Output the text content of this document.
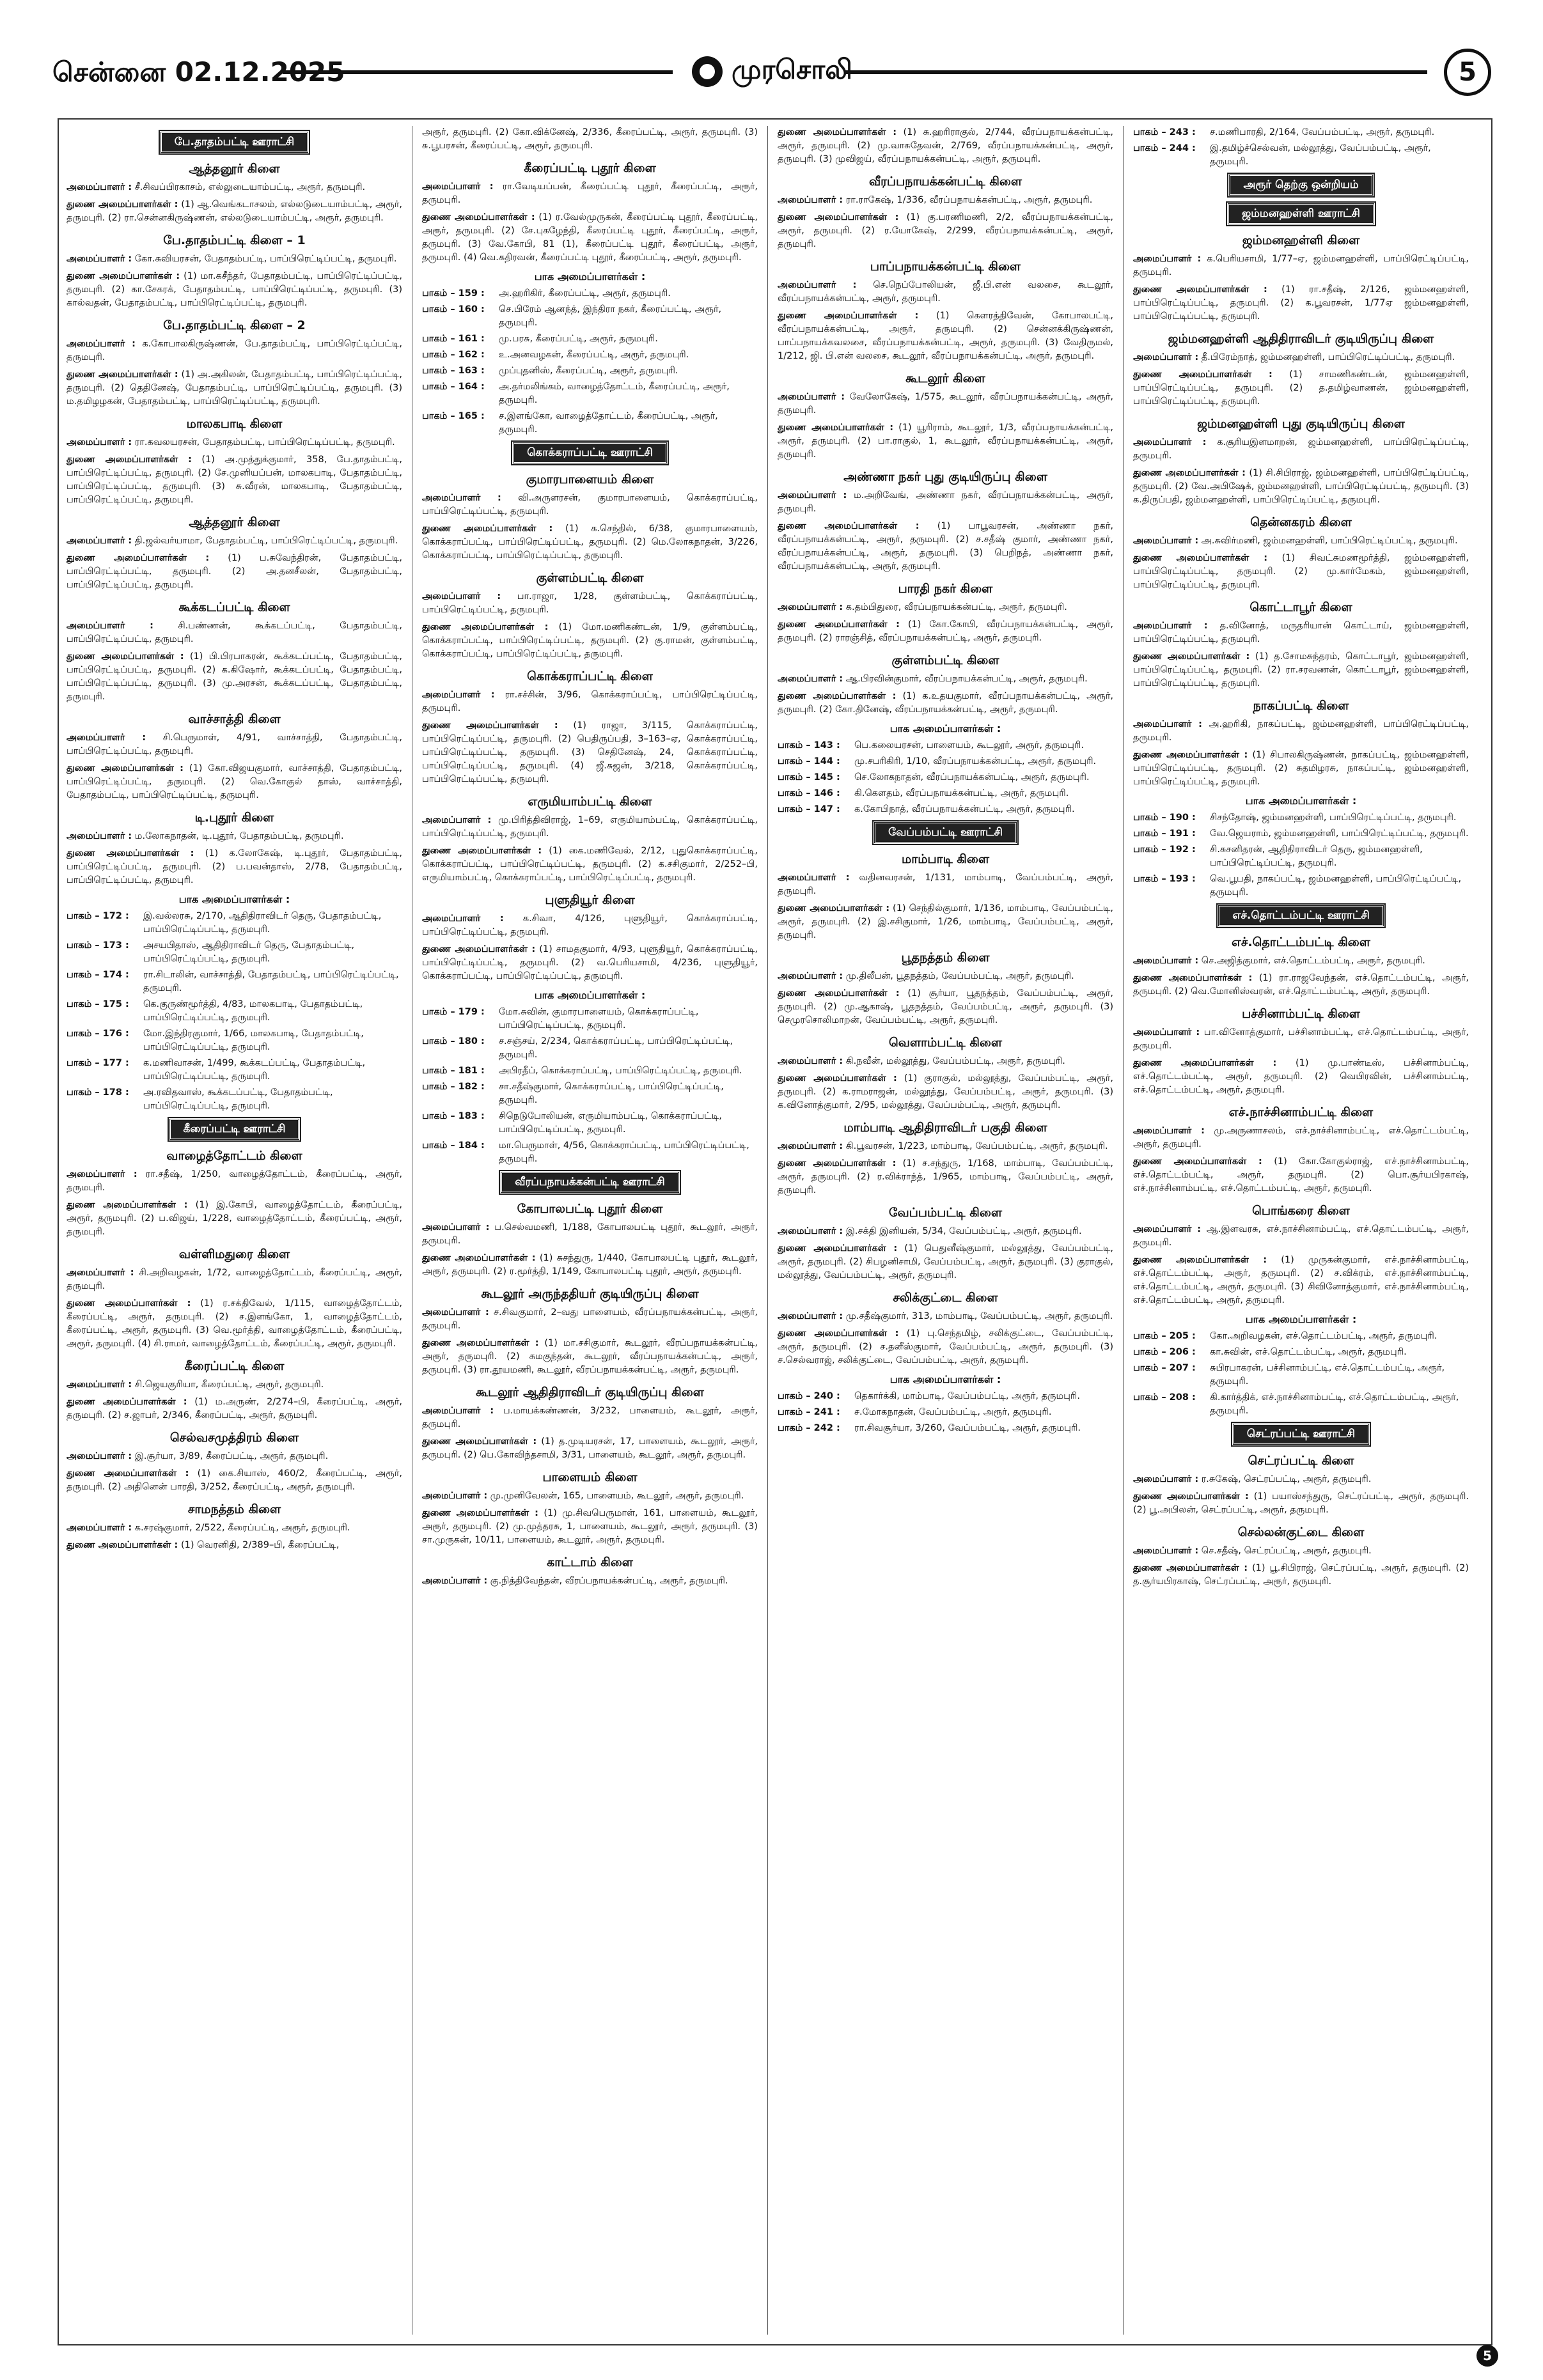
சென்னை 02.12.2025	முரசொலி	5
பே.தாதம்பட்டி ஊராட்சி
ஆத்தனூர் கிளை

அமைப்பாளர் : சீ.சிவப்பிரகாசம், எல்லுடையாம்பட்டி, அரூர், தருமபுரி.

துணை அமைப்பாளர்கள் : (1) ஆ.வெங்கடாசலம், எல்லடுடையாம்பட்டி, அரூர், தருமபுரி. (2) ரா.சென்னகிருஷ்ணன், எல்லடுடையாம்பட்டி, அரூர், தருமபுரி.

பே.தாதம்பட்டி கிளை – 1

அமைப்பாளர் : கோ.சுவியரசன், பேதாதம்பட்டி, பாப்பிரெட்டிப்பட்டி, தருமபுரி.

துணை அமைப்பாளர்கள் : (1) மா.கசீந்தர், பேதாதம்பட்டி, பாப்பிரெட்டிப்பட்டி, தருமபுரி. (2) கா.சேகரக், பேதாதம்பட்டி, பாப்பிரெட்டிப்பட்டி, தருமபுரி. (3) கால்வதன், பேதாதம்பட்டி, பாப்பிரெட்டிப்பட்டி, தருமபுரி.

பே.தாதம்பட்டி கிளை – 2

அமைப்பாளர் : க.கோபாலகிருஷ்ணன், பே.தாதம்பட்டி, பாப்பிரெட்டிப்பட்டி, தருமபுரி.

துணை அமைப்பாளர்கள் : (1) அ.அகிலன், பேதாதம்பட்டி, பாப்பிரெட்டிப்பட்டி, தருமபுரி. (2) தெதினேஷ், பேதாதம்பட்டி, பாப்பிரெட்டிப்பட்டி, தருமபுரி. (3) ம.தமிழழகன், பேதாதம்பட்டி, பாப்பிரெட்டிப்பட்டி, தருமபுரி.

மாலகபாடி கிளை

அமைப்பாளர் : ரா.கவலயரசன், பேதாதம்பட்டி, பாப்பிரெட்டிப்பட்டி, தருமபுரி.

துணை அமைப்பாளர்கள் : (1) அ.முத்துக்குமார், 358, பே.தாதம்பட்டி, பாப்பிரெட்டிப்பட்டி, தருமபுரி. (2) சே.முனியப்பன், மாலகபாடி, பேதாதம்பட்டி, பாப்பிரெட்டிப்பட்டி, தருமபுரி. (3) சு.வீரன், மாலகபாடி, பேதாதம்பட்டி, பாப்பிரெட்டிப்பட்டி, தருமபுரி.

ஆத்தனூர் கிளை

அமைப்பாளர் : தி.ஜல்வர்யாமா, பேதாதம்பட்டி, பாப்பிரெட்டிப்பட்டி, தருமபுரி.

துணை அமைப்பாளர்கள் : (1) ப.சுவேந்திரன், பேதாதம்பட்டி, பாப்பிரெட்டிப்பட்டி, தருமபுரி. (2) அ.தனசீலன், பேதாதம்பட்டி, பாப்பிரெட்டிப்பட்டி, தருமபுரி.

கூக்கடப்பட்டி கிளை

அமைப்பாளர் :	சி.பண்ணன், கூக்கடப்பட்டி, பேதாதம்பட்டி, பாப்பிரெட்டிப்பட்டி, தருமபுரி.

துணை அமைப்பாளர்கள் : (1) பி.பிரபாகரன், கூக்கடப்பட்டி, பேதாதம்பட்டி, பாப்பிரெட்டிப்பட்டி, தருமபுரி. (2) க.கிஷோர், கூக்கடப்பட்டி, பேதாதம்பட்டி, பாப்பிரெட்டிப்பட்டி, தருமபுரி. (3) மு.அரசன், கூக்கடப்பட்டி, பேதாதம்பட்டி, தருமபுரி.

வாச்சாத்தி கிளை

அமைப்பாளர் : சி.பெருமாள், 4/91, வாச்சாத்தி, பேதாதம்பட்டி, பாப்பிரெட்டிப்பட்டி, தருமபுரி.

துணை அமைப்பாளர்கள் : (1) கோ.விஜயகுமார், வாச்சாத்தி, பேதாதம்பட்டி, பாப்பிரெட்டிப்பட்டி, தருமபுரி. (2) வெ.கோகுல் தாஸ், வாச்சாத்தி, பேதாதம்பட்டி, பாப்பிரெட்டிப்பட்டி, தருமபுரி.

டி.புதூர் கிளை

அமைப்பாளர் : ம.லோகநாதன், டி.புதூர், பேதாதம்பட்டி, தருமபுரி.

துணை அமைப்பாளர்கள் : (1) க.லோகேஷ், டி.புதூர், பேதாதம்பட்டி, பாப்பிரெட்டிப்பட்டி, தருமபுரி. (2) ப.பவன்தாஸ், 2/78, பேதாதம்பட்டி, பாப்பிரெட்டிப்பட்டி, தருமபுரி.

பாக அமைப்பாளர்கள் :
பாகம் – 172 :	இ.வல்லரசு, 2/170, ஆதிதிராவிடர் தெரு, பேதாதம்பட்டி, பாப்பிரெட்டிப்பட்டி, தருமபுரி.
பாகம் – 173 :	அசயபிதாஸ், ஆதிதிராவிடர் தெரு, பேதாதம்பட்டி, பாப்பிரெட்டிப்பட்டி, தருமபுரி.
பாகம் – 174 :	ரா.சிடாலின், வாச்சாத்தி, பேதாதம்பட்டி, பாப்பிரெட்டிப்பட்டி, தருமபுரி.
பாகம் – 175 :	கெ.குருண்மூர்த்தி, 4/83, மாலகபாடி, பேதாதம்பட்டி, பாப்பிரெட்டிப்பட்டி, தருமபுரி.
பாகம் – 176 :	மோ.இந்திரகுமார், 1/66, மாலகபாடி, பேதாதம்பட்டி, பாப்பிரெட்டிப்பட்டி, தருமபுரி.
பாகம் – 177 :	க.மணிவாசன், 1/499, கூக்கடப்பட்டி, பேதாதம்பட்டி, பாப்பிரெட்டிப்பட்டி, தருமபுரி.
பாகம் – 178 :	அ.ரவிதவாஸ், கூக்கடப்பட்டி, பேதாதம்பட்டி, பாப்பிரெட்டிப்பட்டி, தருமபுரி.
கீரைப்பட்டி ஊராட்சி
வாழைத்தோட்டம் கிளை

அமைப்பாளர் : ரா.சதீஷ், 1/250, வாழைத்தோட்டம், கீரைப்பட்டி, அரூர், தருமபுரி.

துணை அமைப்பாளர்கள் : (1) இ.கோபி, வாழைத்தோட்டம், கீரைப்பட்டி, அரூர், தருமபுரி. (2) ப.விஜய், 1/228, வாழைத்தோட்டம், கீரைப்பட்டி, அரூர், தருமபுரி.

வள்ளிமதுரை கிளை

அமைப்பாளர் : சி.அறிவழகன், 1/72, வாழைத்தோட்டம், கீரைப்பட்டி, அரூர், தருமபுரி.

துணை அமைப்பாளர்கள் : (1) ர.சக்திவேல், 1/115, வாழைத்தோட்டம், கீரைப்பட்டி, அரூர், தருமபுரி. (2) ச.இளங்கோ, 1, வாழைத்தோட்டம், கீரைப்பட்டி, அரூர், தருமபுரி. (3) வெ.மூர்த்தி, வாழைத்தோட்டம், கீரைப்பட்டி, அரூர், தருமபுரி. (4) சி.ராமர், வாழைத்தோட்டம், கீரைப்பட்டி, அரூர், தருமபுரி.

கீரைப்பட்டி கிளை

அமைப்பாளர் : சி.ஜெயகுரியா, கீரைப்பட்டி, அரூர், தருமபுரி.

துணை அமைப்பாளர்கள் : (1) ம.அருண், 2/274–பி, கீரைப்பட்டி, அரூர், தருமபுரி. (2) ச.ஜாபர், 2/346, கீரைப்பட்டி, அரூர், தருமபுரி.

செல்வசமுத்திரம் கிளை

அமைப்பாளர் : இ.சூர்யா, 3/89, கீரைப்பட்டி, அரூர், தருமபுரி.

துணை அமைப்பாளர்கள் : (1) கை.சியாஸ், 460/2, கீரைப்பட்டி, அரூர், தருமபுரி. (2) அதினென் பாரதி, 3/252, கீரைப்பட்டி, அரூர், தருமபுரி.

சாமநத்தம் கிளை

அமைப்பாளர் : க.சரஷ்குமார், 2/522, கீரைப்பட்டி, அரூர், தருமபுரி.

துணை அமைப்பாளர்கள் : (1) வெரனிதி, 2/389–பி, கீரைப்பட்டி,

அரூர், தருமபுரி. (2) கோ.விக்னேஷ், 2/336, கீரைப்பட்டி, அரூர், தருமபுரி. (3) சு.பூபரசன், கீரைப்பட்டி, அரூர், தருமபுரி.

கீரைப்பட்டி புதூர் கிளை

அமைப்பாளர் : ரா.வேடியப்பன், கீரைப்பட்டி புதூர், கீரைப்பட்டி, அரூர், தருமபுரி.

துணை அமைப்பாளர்கள் : (1) ர.வேல்முருகன், கீரைப்பட்டி புதூர், கீரைப்பட்டி, அரூர், தருமபுரி. (2) சே.புகழேந்தி, கீரைப்பட்டி புதூர், கீரைப்பட்டி, அரூர், தருமபுரி. (3) வே.கோபி, 81 (1), கீரைப்பட்டி புதூர், கீரைப்பட்டி, அரூர், தருமபுரி. (4) வெ.கதிரவன், கீரைப்பட்டி புதூர், கீரைப்பட்டி, அரூர், தருமபுரி.

பாக அமைப்பாளர்கள் :
பாகம் – 159 :	அ.ஹரிகிர், கீரைப்பட்டி, அரூர், தருமபுரி.
பாகம் – 160 :	செ.பிரேம் ஆனந்த், இந்திரா நகர், கீரைப்பட்டி, அரூர், தருமபுரி.
பாகம் – 161 :	மு.பரசு, கீரைப்பட்டி, அரூர், தருமபுரி.
பாகம் – 162 :	உ.அனவழகன், கீரைப்பட்டி, அரூர், தருமபுரி.
பாகம் – 163 :	முப்புதனிஸ், கீரைப்பட்டி, அரூர், தருமபுரி.
பாகம் – 164 :	அ.தர்மலிங்கம், வாழைத்தோட்டம், கீரைப்பட்டி, அரூர், தருமபுரி.
பாகம் – 165 :	ச.இளங்கோ, வாழைத்தோட்டம், கீரைப்பட்டி, அரூர், தருமபுரி.
கொக்கராப்பட்டி ஊராட்சி
குமாரபாளையம் கிளை

அமைப்பாளர் : வி.அருளரசன், குமாரபாளையம், கொக்கராப்பட்டி, பாப்பிரெட்டிப்பட்டி, தருமபுரி.

துணை அமைப்பாளர்கள் : (1) க.செந்தில், 6/38, குமாரபாளையம், கொக்கராப்பட்டி, பாப்பிரெட்டிப்பட்டி, தருமபுரி. (2) மெ.லோகநாதன், 3/226, கொக்கராப்பட்டி, பாப்பிரெட்டிப்பட்டி, தருமபுரி.

குள்ளம்பட்டி கிளை

அமைப்பாளர் : பா.ராஜா, 1/28, குள்ளம்பட்டி, கொக்கராப்பட்டி, பாப்பிரெட்டிப்பட்டி, தருமபுரி.

துணை அமைப்பாளர்கள் : (1) மோ.மணிகண்டன், 1/9, குள்ளம்பட்டி, கொக்கராப்பட்டி, பாப்பிரெட்டிப்பட்டி, தருமபுரி. (2) கு.ராமன், குள்ளம்பட்டி, கொக்கராப்பட்டி, பாப்பிரெட்டிப்பட்டி, தருமபுரி.

கொக்கராப்பட்டி கிளை

அமைப்பாளர் : ரா.சச்சின், 3/96, கொக்கராப்பட்டி, பாப்பிரெட்டிப்பட்டி, தருமபுரி.

துணை அமைப்பாளர்கள் : (1) ராஜா, 3/115, கொக்கராப்பட்டி, பாப்பிரெட்டிப்பட்டி, தருமபுரி. (2) பெதிருப்பதி, 3–163–ஏ, கொக்கராப்பட்டி, பாப்பிரெட்டிப்பட்டி, தருமபுரி. (3) செதினேஷ், 24, கொக்கராப்பட்டி, பாப்பிரெட்டிப்பட்டி, தருமபுரி. (4) ஜீ.சுஜன், 3/218, கொக்கராப்பட்டி, பாப்பிரெட்டிப்பட்டி, தருமபுரி.

எருமியாம்பட்டி கிளை

அமைப்பாளர் : மு.பிரித்திவிராஜ், 1–69, எருமியாம்பட்டி, கொக்கராப்பட்டி, பாப்பிரெட்டிப்பட்டி, தருமபுரி.

துணை அமைப்பாளர்கள் : (1) கை.மணிவேல், 2/12, புதுகொக்கராப்பட்டி, கொக்கராப்பட்டி, பாப்பிரெட்டிப்பட்டி, தருமபுரி. (2) க.சசிகுமார், 2/252–பி, எருமியாம்பட்டி, கொக்கராப்பட்டி, பாப்பிரெட்டிப்பட்டி, தருமபுரி.

புளுதியூர் கிளை

அமைப்பாளர் : க.சிவா, 4/126, புளுதியூர், கொக்கராப்பட்டி, பாப்பிரெட்டிப்பட்டி, தருமபுரி.

துணை அமைப்பாளர்கள் : (1) சாமதகுமார், 4/93, புளுதியூர், கொக்கராப்பட்டி, பாப்பிரெட்டிப்பட்டி, தருமபுரி. (2) வ.பெரியசாமி, 4/236, புளுதியூர், கொக்கராப்பட்டி, பாப்பிரெட்டிப்பட்டி, தருமபுரி.

பாக அமைப்பாளர்கள் :
பாகம் – 179 :	மோ.சுவின், குமாரபாளையம், கொக்கராப்பட்டி, பாப்பிரெட்டிப்பட்டி, தருமபுரி.
பாகம் – 180 :	ச.சஞ்சய், 2/234, கொக்கராப்பட்டி, பாப்பிரெட்டிப்பட்டி, தருமபுரி.
பாகம் – 181 :	அபிரதீப், கொக்கராப்பட்டி, பாப்பிரெட்டிப்பட்டி, தருமபுரி.
பாகம் – 182 :	சா.சதீஷ்குமார், கொக்கராப்பட்டி, பாப்பிரெட்டிப்பட்டி, தருமபுரி.
பாகம் – 183 :	சிநெடுபோலியன், எருமியாம்பட்டி, கொக்கராப்பட்டி, பாப்பிரெட்டிப்பட்டி, தருமபுரி.
பாகம் – 184 :	மா.பெருமாள், 4/56, கொக்கராப்பட்டி, பாப்பிரெட்டிப்பட்டி, தருமபுரி.
வீரப்பநாயக்கன்பட்டி ஊராட்சி
கோபாலபட்டி புதூர் கிளை

அமைப்பாளர் : ப.செல்வமணி, 1/188, கோபாலபட்டி புதூர், கூடலூர், அரூர், தருமபுரி.

துணை அமைப்பாளர்கள் : (1) சுசந்துரு, 1/440, கோபாலபட்டி புதூர், கூடலூர், அரூர், தருமபுரி. (2) ர.மூர்த்தி, 1/149, கோபாலபட்டி புதூர், அரூர், தருமபுரி.

கூடலூர் அருந்ததியர் குடியிருப்பு கிளை

அமைப்பாளர் : ச.சிவகுமார், 2–வது பாளையம், வீரப்பநாயக்கன்பட்டி, அரூர், தருமபுரி.

துணை அமைப்பாளர்கள் : (1) மா.சசிகுமார், கூடலூர், வீரப்பநாயக்கன்பட்டி, அரூர், தருமபுரி. (2) சுமகுந்தன், கூடலூர், வீரப்பநாயக்கன்பட்டி, அரூர், தருமபுரி. (3) ரா.தூயமணி, கூடலூர், வீரப்பநாயக்கன்பட்டி, அரூர், தருமபுரி.

கூடலூர் ஆதிதிராவிடர் குடியிருப்பு கிளை

அமைப்பாளர் : ப.மாயக்கண்ணன், 3/232, பாளையம், கூடலூர், அரூர், தருமபுரி.

துணை அமைப்பாளர்கள் : (1) த.முடியரசன், 17, பாளையம், கூடலூர், அரூர், தருமபுரி. (2) பெ.கோவிந்தசாமி, 3/31, பாளையம், கூடலூர், அரூர், தருமபுரி.

பாளையம் கிளை

அமைப்பாளர் : மு.முனிவேலன், 165, பாளையம், கூடலூர், அரூர், தருமபுரி.

துணை அமைப்பாளர்கள் : (1) மு.சிவபெருமாள், 161, பாளையம், கூடலூர், அரூர், தருமபுரி. (2) மு.முத்தரசு, 1, பாளையம், கூடலூர், அரூர், தருமபுரி. (3) சா.முருகன், 10/11, பாளையம், கூடலூர், அரூர், தருமபுரி.

காட்டாம் கிளை

அமைப்பாளர் : கு.நித்திவேந்தன், வீரப்பநாயக்கன்பட்டி, அரூர், தருமபுரி.

துணை அமைப்பாளர்கள் : (1) சு.ஹரிராகுல், 2/744, வீரப்பநாயக்கன்பட்டி, அரூர், தருமபுரி. (2) மு.வாசுதேவன், 2/769, வீரப்பநாயக்கன்பட்டி, அரூர், தருமபுரி. (3) முவிஜய், வீரப்பநாயக்கன்பட்டி, அரூர், தருமபுரி.

வீரப்பநாயக்கன்பட்டி கிளை

அமைப்பாளர் : ரா.ராகேஷ், 1/336, வீரப்பநாயக்கன்பட்டி, அரூர், தருமபுரி.

துணை அமைப்பாளர்கள் : (1) கு.பரணிமணி, 2/2, வீரப்பநாயக்கன்பட்டி, அரூர், தருமபுரி. (2) ர.யோகேஷ், 2/299, வீரப்பநாயக்கன்பட்டி, அரூர், தருமபுரி.

பாப்பநாயக்கன்பட்டி கிளை

அமைப்பாளர் : செ.நெப்போலியன், ஜீ.பி.என் வலசை, கூடலூர், வீரப்பநாயக்கன்பட்டி, அரூர், தருமபுரி.

துணை அமைப்பாளர்கள் : (1) கௌரத்திவேன், கோபாலபட்டி, வீரப்பநாயக்கன்பட்டி, அரூர், தருமபுரி. (2) சென்னக்கிருஷ்ணன், பாப்பநாயக்கவலசை, வீரப்பநாயக்கன்பட்டி, அரூர், தருமபுரி. (3) வேதிருமல், 1/212, ஜி. பி.என் வலசை, கூடலூர், வீரப்பநாயக்கன்பட்டி, அரூர், தருமபுரி.

கூடலூர் கிளை

அமைப்பாளர் : வேலோகேஷ், 1/575, கூடலூர், வீரப்பநாயக்கன்பட்டி, அரூர், தருமபுரி.

துணை அமைப்பாளர்கள் : (1) யூரிராம், கூடலூர், 1/3, வீரப்பநாயக்கன்பட்டி, அரூர், தருமபுரி. (2) பா.ராகுல், 1, கூடலூர், வீரப்பநாயக்கன்பட்டி, அரூர், தருமபுரி.

அண்ணா நகர் புது குடியிருப்பு கிளை

அமைப்பாளர் : ம.அறிவேங், அண்ணா நகர், வீரப்பநாயக்கன்பட்டி, அரூர், தருமபுரி.

துணை அமைப்பாளர்கள் : (1) பாபூவரசன், அண்ணா நகர், வீரப்பநாயக்கன்பட்டி, அரூர், தருமபுரி. (2) ச.சதீஷ் குமார், அண்ணா நகர், வீரப்பநாயக்கன்பட்டி, அரூர், தருமபுரி. (3) பெறிநத், அண்ணா நகர், வீரப்பநாயக்கன்பட்டி, அரூர், தருமபுரி.

பாரதி நகர் கிளை

அமைப்பாளர் : க.தம்பிதுரை, வீரப்பநாயக்கன்பட்டி, அரூர், தருமபுரி.

துணை அமைப்பாளர்கள் : (1) கோ.கோபி, வீரப்பநாயக்கன்பட்டி, அரூர், தருமபுரி. (2) ராரஞ்சித், வீரப்பநாயக்கன்பட்டி, அரூர், தருமபுரி.

குள்ளம்பட்டி கிளை

அமைப்பாளர் : ஆ.பிரவின்குமார், வீரப்பநாயக்கன்பட்டி, அரூர், தருமபுரி.

துணை அமைப்பாளர்கள் : (1) க.உதயகுமார், வீரப்பநாயக்கன்பட்டி, அரூர், தருமபுரி. (2) கோ.தினேஷ், வீரப்பநாயக்கன்பட்டி, அரூர், தருமபுரி.

பாக அமைப்பாளர்கள் :
பாகம் – 143 :	பெ.கலையரசன், பாளையம், கூடலூர், அரூர், தருமபுரி.
பாகம் – 144 :	மு.சபரிகிரி, 1/10, வீரப்பநாயக்கன்பட்டி, அரூர், தருமபுரி.
பாகம் – 145 :	செ.லோகநாதன், வீரப்பநாயக்கன்பட்டி, அரூர், தருமபுரி.
பாகம் – 146 :	கி.கௌதம், வீரப்பநாயக்கன்பட்டி, அரூர், தருமபுரி.
பாகம் – 147 :	க.கோபிநாத், வீரப்பநாயக்கன்பட்டி, அரூர், தருமபுரி.
வேப்பம்பட்டி ஊராட்சி
மாம்பாடி கிளை

அமைப்பாளர் : வதினவரசன், 1/131, மாம்பாடி, வேப்பம்பட்டி, அரூர், தருமபுரி.

துணை அமைப்பாளர்கள் : (1) செந்தில்குமார், 1/136, மாம்பாடி, வேப்பம்பட்டி, அரூர், தருமபுரி. (2) இ.சசிகுமார், 1/26, மாம்பாடி, வேப்பம்பட்டி, அரூர், தருமபுரி.

பூதநத்தம் கிளை

அமைப்பாளர் : மு.திலீபன், பூதநத்தம், வேப்பம்பட்டி, அரூர், தருமபுரி.

துணை அமைப்பாளர்கள் : (1) சூர்யா, பூதநத்தம், வேப்பம்பட்டி, அரூர், தருமபுரி. (2) மு.ஆகாஷ், பூதநத்தம், வேப்பம்பட்டி, அரூர், தருமபுரி. (3) செமுரசொலிமாறன், வேப்பம்பட்டி, அரூர், தருமபுரி.

வௌாம்பட்டி கிளை

அமைப்பாளர் : கி.நவீன், மல்லூத்து, வேப்பம்பட்டி, அரூர், தருமபுரி.

துணை அமைப்பாளர்கள் : (1) குராகுல், மல்லூத்து, வேப்பம்பட்டி, அரூர், தருமபுரி. (2) க.ராமராஜன், மல்லூத்து, வேப்பம்பட்டி, அரூர், தருமபுரி. (3) க.வினோத்குமார், 2/95, மல்லூத்து, வேப்பம்பட்டி, அரூர், தருமபுரி.

மாம்பாடி ஆதிதிராவிடர் பகுதி கிளை

அமைப்பாளர் : கி.பூவரசன், 1/223, மாம்பாடி, வேப்பம்பட்டி, அரூர், தருமபுரி.

துணை அமைப்பாளர்கள் : (1) ச.சந்துரு, 1/168, மாம்பாடி, வேப்பம்பட்டி, அரூர், தருமபுரி. (2) ர.விக்ராந்த், 1/965, மாம்பாடி, வேப்பம்பட்டி, அரூர், தருமபுரி.

வேப்பம்பட்டி கிளை

அமைப்பாளர் : இ.சக்தி இனியன், 5/34, வேப்பம்பட்டி, அரூர், தருமபுரி.

துணை அமைப்பாளர்கள் : (1) பெதுனீஷ்குமார், மல்லூத்து, வேப்பம்பட்டி, அரூர், தருமபுரி. (2) சிபழனிசாமி, வேப்பம்பட்டி, அரூர், தருமபுரி. (3) குராகுல், மல்லூத்து, வேப்பம்பட்டி, அரூர், தருமபுரி.

சலிக்குட்டை கிளை

அமைப்பாளர் : மு.சதீஷ்குமார், 313, மாம்பாடி, வேப்பம்பட்டி, அரூர், தருமபுரி.

துணை அமைப்பாளர்கள் : (1) பு.செந்தமிழ், சலிக்குட்டை, வேப்பம்பட்டி, அரூர், தருமபுரி. (2) ச.தனீஸ்குமார், வேப்பம்பட்டி, அரூர், தருமபுரி. (3) ச.செல்வராஜ், சலிக்குட்டை, வேப்பம்பட்டி, அரூர், தருமபுரி.

பாக அமைப்பாளர்கள் :
பாகம் – 240 :	தெகார்க்கி, மாம்பாடி, வேப்பம்பட்டி, அரூர், தருமபுரி.
பாகம் – 241 :	ச.மோகநாதன், வேப்பம்பட்டி, அரூர், தருமபுரி.
பாகம் – 242 :	ரா.சிவசூர்யா, 3/260, வேப்பம்பட்டி, அரூர், தருமபுரி.
பாகம் – 243 :	ச.மணிபாரதி, 2/164, வேப்பம்பட்டி, அரூர், தருமபுரி.
பாகம் – 244 :	இ.தமிழ்ச்செல்வன், மல்லூத்து, வேப்பம்பட்டி, அரூர், தருமபுரி.
அரூர் தெற்கு ஒன்றியம்
ஜம்மனஹள்ளி ஊராட்சி
ஜம்மனஹள்ளி கிளை

அமைப்பாளர் : க.பெரியசாமி, 1/77–ஏ, ஜம்மனஹள்ளி, பாப்பிரெட்டிப்பட்டி, தருமபுரி.

துணை அமைப்பாளர்கள் : (1) ரா.சதீஷ், 2/126, ஜம்மனஹள்ளி, பாப்பிரெட்டிப்பட்டி, தருமபுரி. (2) க.பூவரசன், 1/77ஏ ஜம்மனஹள்ளி, பாப்பிரெட்டிப்பட்டி, தருமபுரி.

ஜம்மனஹள்ளி ஆதிதிராவிடர் குடியிருப்பு கிளை

அமைப்பாளர் : தீ.பிரேம்நாத், ஜம்மனஹள்ளி, பாப்பிரெட்டிப்பட்டி, தருமபுரி.

துணை அமைப்பாளர்கள் : (1) சாமணிகண்டன், ஜம்மனஹள்ளி, பாப்பிரெட்டிப்பட்டி, தருமபுரி. (2) த.தமிழ்வாணன், ஜம்மனஹள்ளி, பாப்பிரெட்டிப்பட்டி, தருமபுரி.

ஜம்மனஹள்ளி புது குடியிருப்பு கிளை

அமைப்பாளர் : க.சூரியஇளமாறன், ஜம்மனஹள்ளி, பாப்பிரெட்டிப்பட்டி, தருமபுரி.

துணை அமைப்பாளர்கள் : (1) சி.சிபிராஜ், ஜம்மனஹள்ளி, பாப்பிரெட்டிப்பட்டி, தருமபுரி. (2) வே.அபிஷேக், ஜம்மனஹள்ளி, பாப்பிரெட்டிப்பட்டி, தருமபுரி. (3) க.திருப்பதி, ஜம்மனஹள்ளி, பாப்பிரெட்டிப்பட்டி, தருமபுரி.

தென்னகரம் கிளை

அமைப்பாளர் : அ.சுவிர்மணி, ஜம்மனஹள்ளி, பாப்பிரெட்டிப்பட்டி, தருமபுரி.

துணை அமைப்பாளர்கள் : (1) சிவட்சுமணமூர்த்தி, ஜம்மனஹள்ளி, பாப்பிரெட்டிப்பட்டி, தருமபுரி. (2) மு.கார்மேகம், ஜம்மனஹள்ளி, பாப்பிரெட்டிப்பட்டி, தருமபுரி.

கொட்டாபூர் கிளை

அமைப்பாளர் : த.வினோத், மருதரியான் கொட்டாய், ஜம்மனஹள்ளி, பாப்பிரெட்டிப்பட்டி, தருமபுரி.

துணை அமைப்பாளர்கள் : (1) த.சோமசுந்தரம், கொட்டாபூர், ஜம்மனஹள்ளி, பாப்பிரெட்டிப்பட்டி, தருமபுரி. (2) ரா.சரவணன், கொட்டாபூர், ஜம்மனஹள்ளி, பாப்பிரெட்டிப்பட்டி, தருமபுரி.

நாகப்பட்டி கிளை

அமைப்பாளர் : அ.ஹரிகி, நாகப்பட்டி, ஜம்மனஹள்ளி, பாப்பிரெட்டிப்பட்டி, தருமபுரி.

துணை அமைப்பாளர்கள் : (1) சிபாலகிருஷ்ணன், நாகப்பட்டி, ஜம்மனஹள்ளி, பாப்பிரெட்டிப்பட்டி, தருமபுரி. (2) சுதமிழரசு, நாகப்பட்டி, ஜம்மனஹள்ளி, பாப்பிரெட்டிப்பட்டி, தருமபுரி.

பாக அமைப்பாளர்கள் :
பாகம் – 190 :	சிசந்தோஷ், ஜம்மனஹள்ளி, பாப்பிரெட்டிப்பட்டி, தருமபுரி.
பாகம் – 191 :	வே.ஜெயராம், ஜம்மனஹள்ளி, பாப்பிரெட்டிப்பட்டி, தருமபுரி.
பாகம் – 192 :	சி.சுசனிதரன், ஆதிதிராவிடர் தெரு, ஜம்மனஹள்ளி, பாப்பிரெட்டிப்பட்டி, தருமபுரி.
பாகம் – 193 :	வெ.பூபதி, நாகப்பட்டி, ஜம்மனஹள்ளி, பாப்பிரெட்டிப்பட்டி, தருமபுரி.
எச்.தொட்டம்பட்டி ஊராட்சி
எச்.தொட்டம்பட்டி கிளை

அமைப்பாளர் : செ.அஜித்குமார், எச்.தொட்டம்பட்டி, அரூர், தருமபுரி.

துணை அமைப்பாளர்கள் : (1) ரா.ராஜவேந்தன், எச்.தொட்டம்பட்டி, அரூர், தருமபுரி. (2) வெ.மோனிஸ்வரன், எச்.தொட்டம்பட்டி, அரூர், தருமபுரி.

பச்சினாம்பட்டி கிளை

அமைப்பாளர் : பா.வினோத்குமார், பச்சினாம்பட்டி, எச்.தொட்டம்பட்டி, அரூர், தருமபுரி.

துணை அமைப்பாளர்கள் : (1) மு.பாண்டீஸ், பச்சினாம்பட்டி, எச்.தொட்டம்பட்டி, அரூர், தருமபுரி. (2) வெபிரவின், பச்சினாம்பட்டி, எச்.தொட்டம்பட்டி, அரூர், தருமபுரி.

எச்.நாச்சினாம்பட்டி கிளை

அமைப்பாளர் : மு.அருணாசலம், எச்.நாச்சினாம்பட்டி, எச்.தொட்டம்பட்டி, அரூர், தருமபுரி.

துணை அமைப்பாளர்கள் : (1) கோ.கோகுல்ராஜ், எச்.நாச்சினாம்பட்டி, எச்.தொட்டம்பட்டி, அரூர், தருமபுரி. (2) பொ.சூர்யபிரகாஷ், எச்.நாச்சினாம்பட்டி, எச்.தொட்டம்பட்டி, அரூர், தருமபுரி.

பொங்கரை கிளை

அமைப்பாளர் : ஆ.இளவரசு, எச்.நாச்சினாம்பட்டி, எச்.தொட்டம்பட்டி, அரூர், தருமபுரி.

துணை அமைப்பாளர்கள் : (1) முருகன்குமார், எச்.நாச்சினாம்பட்டி, எச்.தொட்டம்பட்டி, அரூர், தருமபுரி. (2) ச.விக்ரம், எச்.நாச்சினாம்பட்டி, எச்.தொட்டம்பட்டி, அரூர், தருமபுரி. (3) சிவினோத்குமார், எச்.நாச்சினாம்பட்டி, எச்.தொட்டம்பட்டி, அரூர், தருமபுரி.

பாக அமைப்பாளர்கள் :
பாகம் – 205 :	கோ.அறிவழகன், எச்.தொட்டம்பட்டி, அரூர், தருமபுரி.
பாகம் – 206 :	கா.சுவின், எச்.தொட்டம்பட்டி, அரூர், தருமபுரி.
பாகம் – 207 :	சுபிரபாகரன், பச்சினாம்பட்டி, எச்.தொட்டம்பட்டி, அரூர், தருமபுரி.
பாகம் – 208 :	கி.கார்த்திக், எச்.நாச்சினாம்பட்டி, எச்.தொட்டம்பட்டி, அரூர், தருமபுரி.
செட்ரப்பட்டி ஊராட்சி
செட்ரப்பட்டி கிளை

அமைப்பாளர் : ர.சுகேஷ், செட்ரப்பட்டி, அரூர், தருமபுரி.

துணை அமைப்பாளர்கள் : (1) பயாஸ்சந்துரு, செட்ரப்பட்டி, அரூர், தருமபுரி. (2) பூ.அபிலன், செட்ரப்பட்டி, அரூர், தருமபுரி.

செல்லன்குட்டை கிளை

அமைப்பாளர் : செ.சதீஷ், செட்ரப்பட்டி, அரூர், தருமபுரி.

துணை அமைப்பாளர்கள் : (1) பூ.சிபிராஜ், செட்ரப்பட்டி, அரூர், தருமபுரி. (2) த.சூர்யபிரகாஷ், செட்ரப்பட்டி, அரூர், தருமபுரி.

5
